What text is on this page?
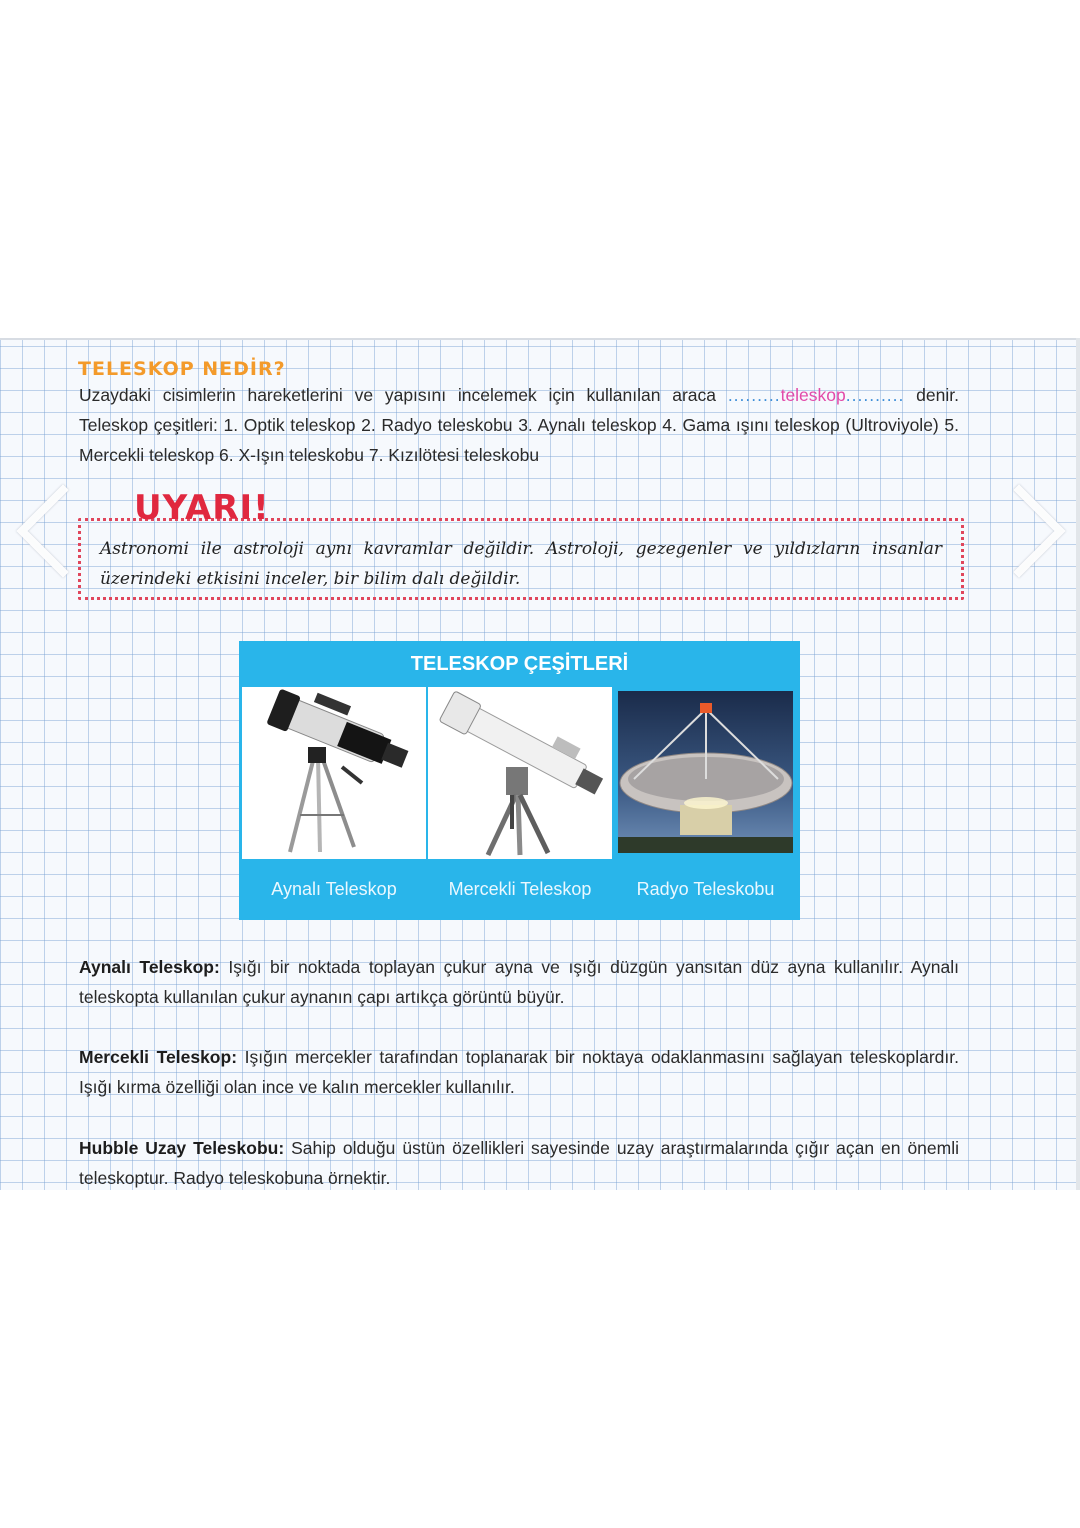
TELESKOP NEDİR?
Uzaydaki cisimlerin hareketlerini ve yapısını incelemek için kullanılan araca .........teleskop.......... denir. Teleskop çeşitleri: 1. Optik teleskop 2. Radyo teleskobu 3. Aynalı teleskop 4. Gama ışını teleskop (Ultroviyole) 5. Mercekli teleskop 6. X-Işın teleskobu 7. Kızılötesi teleskobu
UYARI!
Astronomi ile astroloji aynı kavramlar değildir. Astroloji, gezegenler ve yıldızların insanlar üzerindeki etkisini inceler, bir bilim dalı değildir.
TELESKOP ÇEŞİTLERİ
Aynalı Teleskop	Mercekli Teleskop	Radyo Teleskobu
Aynalı Teleskop: Işığı bir noktada toplayan çukur ayna ve ışığı düzgün yansıtan düz ayna kullanılır. Aynalı teleskopta kullanılan çukur aynanın çapı artıkça görüntü büyür.
Mercekli Teleskop: Işığın mercekler tarafından toplanarak bir noktaya odaklanmasını sağlayan teleskoplardır. Işığı kırma özelliği olan ince ve kalın mercekler kullanılır.
Hubble Uzay Teleskobu: Sahip olduğu üstün özellikleri sayesinde uzay araştırmalarında çığır açan en önemli teleskoptur. Radyo teleskobuna örnektir.
